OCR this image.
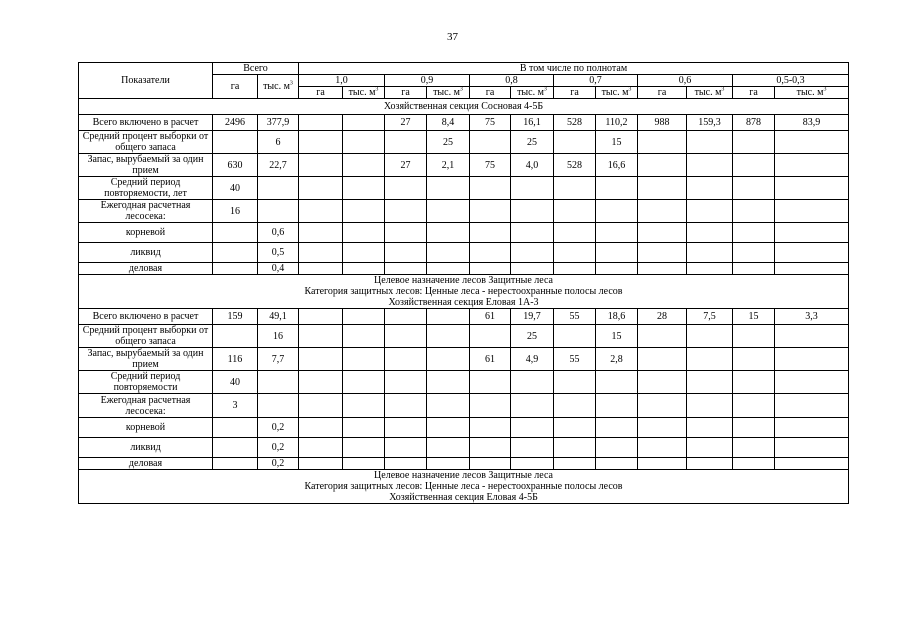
37
Показатели	Всего		В том числе по полнотам											
	га	тыс. $м^3$	1,0		0,9		0,8		0,7		0,6		0,5-0,3	
			га	тыс. $м^3$	га	тыс. $м^3$	га	тыс. $м^3$	га	тыс. $м^3$	га	тыс. $м^3$	га	тыс. $м^3$

Хозяйственная секция Сосновая 4-5Б														

Всего включено в расчет	2496	377,9			27	8,4	75	16,1	528	110,2	988	159,3	878	83,9
Средний процент выборки от общего запаса		6				25		25		15				
Запас, вырубаемый за один прием	630	22,7			27	2,1	75	4,0	528	16,6				
Средний период повторяемости, лет	40													
Ежегодная расчетная лесосека:	16													
корневой		0,6												
ликвид		0,5												
деловая		0,4												

Целевое назначение лесов Защитные леса
Категория защитных лесов: Ценные леса - нерестоохранные полосы лесов
Хозяйственная секция Еловая 1А-3														

Всего включено в расчет	159	49,1					61	19,7	55	18,6	28	7,5	15	3,3
Средний процент выборки от общего запаса		16						25		15				
Запас, вырубаемый за один прием	116	7,7					61	4,9	55	2,8				
Средний период повторяемости	40													
Ежегодная расчетная лесосека:	3													
корневой		0,2												
ликвид		0,2												
деловая		0,2												

Целевое назначение лесов Защитные леса
Категория защитных лесов: Ценные леса - нерестоохранные полосы лесов
Хозяйственная секция Еловая 4-5Б														
